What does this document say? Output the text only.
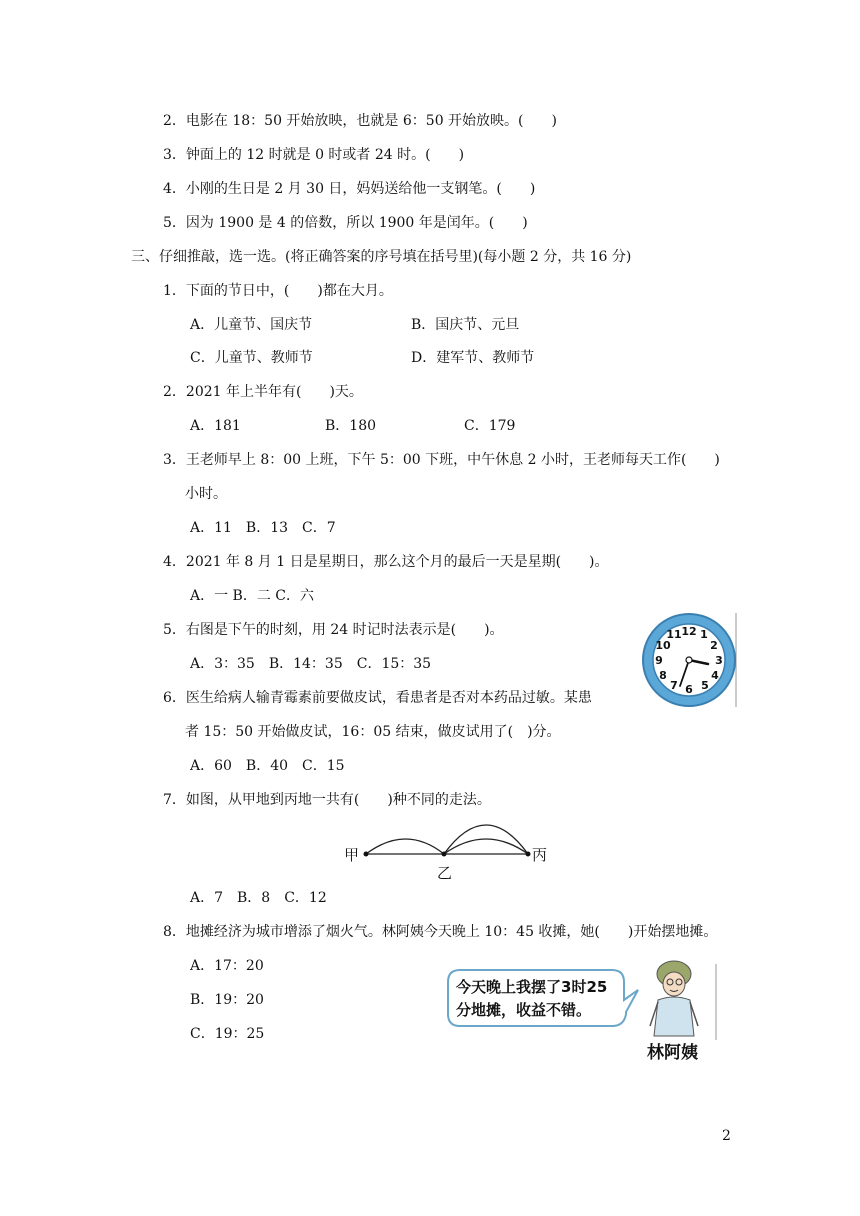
2．电影在 18：50 开始放映，也就是 6：50 开始放映。(　　)
3．钟面上的 12 时就是 0 时或者 24 时。(　　)
4．小刚的生日是 2 月 30 日，妈妈送给他一支钢笔。(　　)
5．因为 1900 是 4 的倍数，所以 1900 年是闰年。(　　)
三、仔细推敲，选一选。(将正确答案的序号填在括号里)(每小题 2 分，共 16 分)
1．下面的节日中，(　　)都在大月。
A．儿童节、国庆节	B．国庆节、元旦
C．儿童节、教师节	D．建军节、教师节
2．2021 年上半年有(　　)天。
A．181	B．180	C．179
3．王老师早上 8：00 上班，下午 5：00 下班，中午休息 2 小时，王老师每天工作(　　)
小时。
A．11　B．13　C．7
4．2021 年 8 月 1 日是星期日，那么这个月的最后一天是星期(　　)。
A．一 B．二 C．六
5．右图是下午的时刻，用 24 时记时法表示是(　　)。
A．3：35　B．14：35　C．15：35
12 1
2
3
4
5
6
7
8
9
10
11
6．医生给病人输青霉素前要做皮试，看患者是否对本药品过敏。某患
者 15：50 开始做皮试，16：05 结束，做皮试用了(　)分。
A．60　B．40　C．15
7．如图，从甲地到丙地一共有(　　)种不同的走法。
甲
乙
丙
A．7　B．8　C．12
8．地摊经济为城市增添了烟火气。林阿姨今天晚上 10：45 收摊，她(　　)开始摆地摊。
A．17：20
B．19：20
C．19：25
今天晚上我摆了3时25
分地摊，收益不错。
林阿姨
2
